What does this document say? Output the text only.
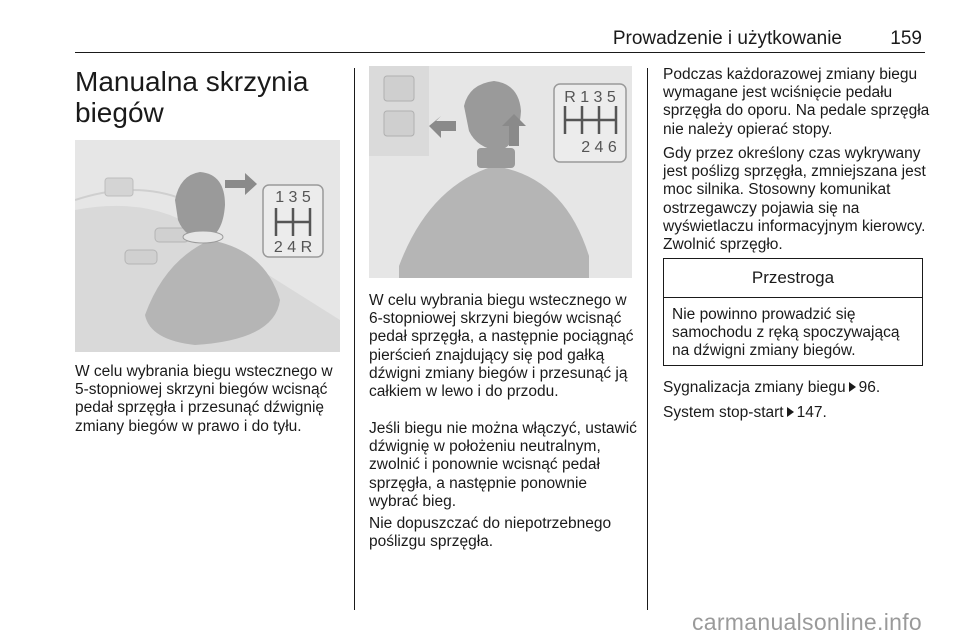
Prowadzenie i użytkowanie	159
Manualna skrzynia biegów
1 3 5
2 4 R

W celu wybrania biegu wstecznego w 5-stopniowej skrzyni biegów wcisnąć pedał sprzęgła i przesunąć dźwignię zmiany biegów w prawo i do tyłu.

R 1 3 5
2 4 6

W celu wybrania biegu wstecznego w 6-stopniowej skrzyni biegów wcisnąć pedał sprzęgła, a następnie pociągnąć pierścień znajdujący się pod gałką dźwigni zmiany biegów i przesunąć ją całkiem w lewo i do przodu.

Jeśli biegu nie można włączyć, ustawić dźwignię w położeniu neutralnym, zwolnić i ponownie wcisnąć pedał sprzęgła, a następnie ponownie wybrać bieg.

Nie dopuszczać do niepotrzebnego poślizgu sprzęgła.

Podczas każdorazowej zmiany biegu wymagane jest wciśnięcie pedału sprzęgła do oporu. Na pedale sprzęgła nie należy opierać stopy.

Gdy przez określony czas wykrywany jest poślizg sprzęgła, zmniejszana jest moc silnika. Stosowny komunikat ostrzegawczy pojawia się na wyświetlaczu informacyjnym kierowcy. Zwolnić sprzęgło.

Przestroga
Nie powinno prowadzić się samochodu z ręką spoczywającą na dźwigni zmiany biegów.
Sygnalizacja zmiany biegu 96.
System stop-start 147.
carmanualsonline.info
